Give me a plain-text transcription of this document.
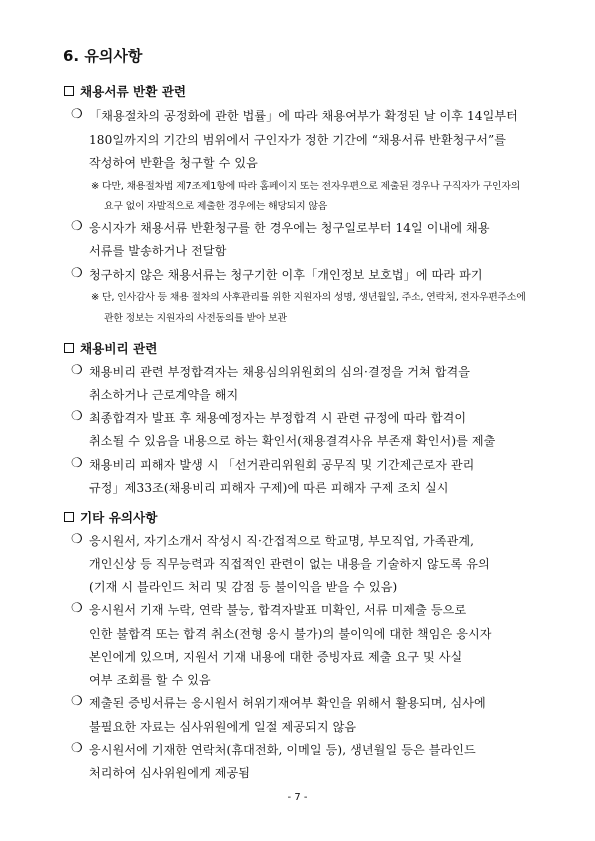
6. 유의사항
채용서류 반환 관련
❍ 「채용절차의 공정화에 관한 법률」에 따라 채용여부가 확정된 날 이후 14일부터
180일까지의 기간의 범위에서 구인자가 정한 기간에 “채용서류 반환청구서”를
작성하여 반환을 청구할 수 있음
※ 다만, 채용절차법 제7조제1항에 따라 홈페이지 또는 전자우편으로 제출된 경우나 구직자가 구인자의
요구 없이 자발적으로 제출한 경우에는 해당되지 않음
❍ 응시자가 채용서류 반환청구를 한 경우에는 청구일로부터 14일 이내에 채용
서류를 발송하거나 전달함
❍ 청구하지 않은 채용서류는 청구기한 이후「개인정보 보호법」에 따라 파기
※ 단, 인사감사 등 채용 절차의 사후관리를 위한 지원자의 성명, 생년월일, 주소, 연락처, 전자우편주소에
관한 정보는 지원자의 사전동의를 받아 보관
채용비리 관련
❍ 채용비리 관련 부정합격자는 채용심의위원회의 심의·결정을 거쳐 합격을
취소하거나 근로계약을 해지
❍ 최종합격자 발표 후 채용예정자는 부정합격 시 관련 규정에 따라 합격이
취소될 수 있음을 내용으로 하는 확인서(채용결격사유 부존재 확인서)를 제출
❍ 채용비리 피해자 발생 시 「선거관리위원회 공무직 및 기간제근로자 관리
규정」제33조(채용비리 피해자 구제)에 따른 피해자 구제 조치 실시
기타 유의사항
❍ 응시원서, 자기소개서 작성시 직·간접적으로 학교명, 부모직업, 가족관계,
개인신상 등 직무능력과 직접적인 관련이 없는 내용을 기술하지 않도록 유의
(기재 시 블라인드 처리 및 감점 등 불이익을 받을 수 있음)
❍ 응시원서 기재 누락, 연락 불능, 합격자발표 미확인, 서류 미제출 등으로
인한 불합격 또는 합격 취소(전형 응시 불가)의 불이익에 대한 책임은 응시자
본인에게 있으며, 지원서 기재 내용에 대한 증빙자료 제출 요구 및 사실
여부 조회를 할 수 있음
❍ 제출된 증빙서류는 응시원서 허위기재여부 확인을 위해서 활용되며, 심사에
불필요한 자료는 심사위원에게 일절 제공되지 않음
❍ 응시원서에 기재한 연락처(휴대전화, 이메일 등), 생년월일 등은 블라인드
처리하여 심사위원에게 제공됨
- 7 -
